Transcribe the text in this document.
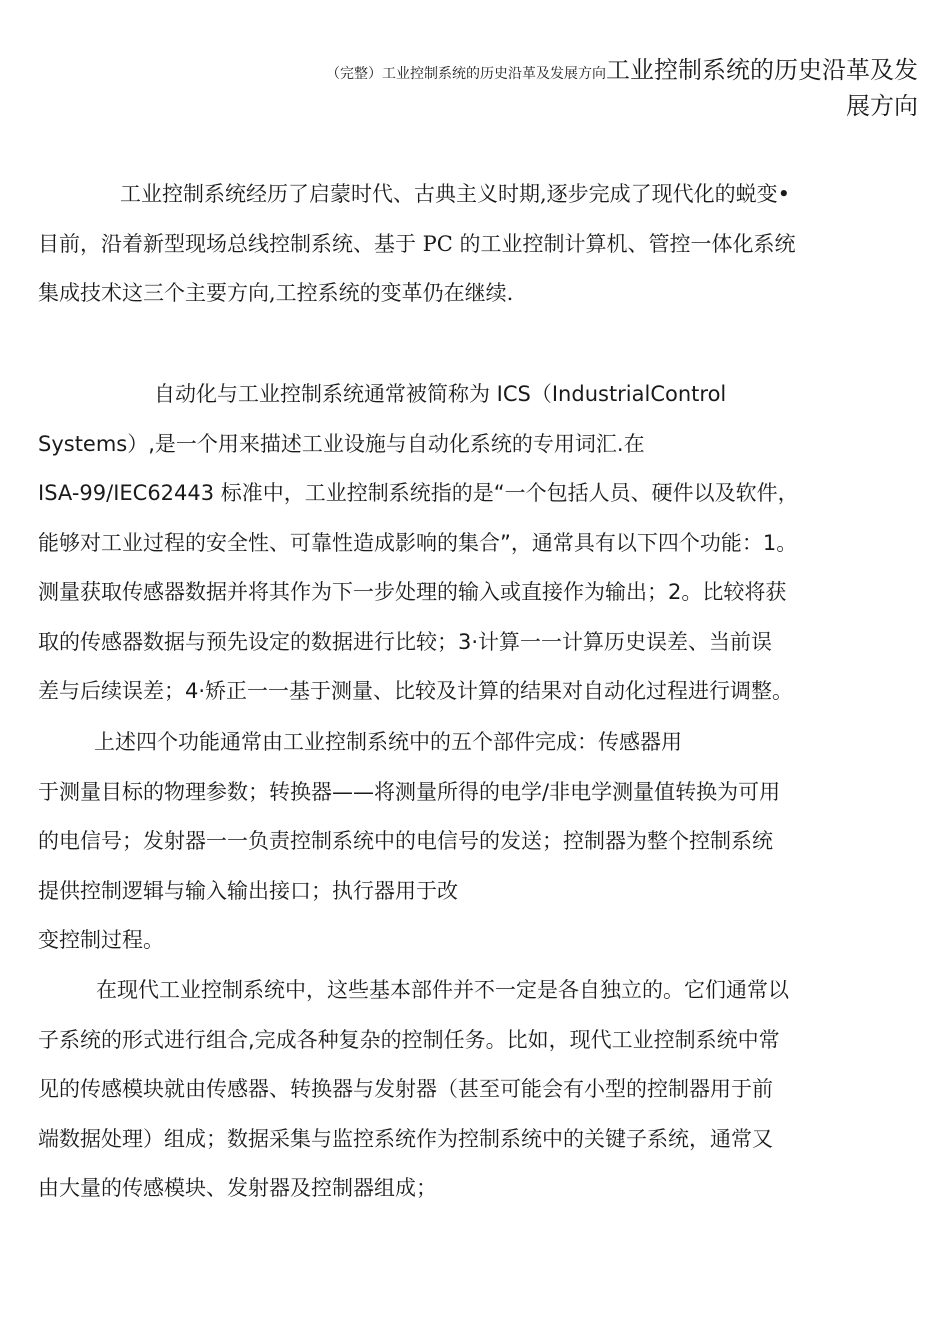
（完整）工业控制系统的历史沿革及发展方向工业控制系统的历史沿革及发
展方向
工业控制系统经历了启蒙时代、古典主义时期,逐步完成了现代化的蜕变•
目前，沿着新型现场总线控制系统、基于 PC 的工业控制计算机、管控一体化系统
集成技术这三个主要方向,工控系统的变革仍在继续.
自动化与工业控制系统通常被简称为 ICS（IndustrialControl
Systems）,是一个用来描述工业设施与自动化系统的专用词汇.在
ISA-99/IEC62443 标准中，工业控制系统指的是“一个包括人员、硬件以及软件，
能够对工业过程的安全性、可靠性造成影响的集合”，通常具有以下四个功能：1。
测量获取传感器数据并将其作为下一步处理的输入或直接作为输出；2。比较将获
取的传感器数据与预先设定的数据进行比较；3·计算一一计算历史误差、当前误
差与后续误差；4·矫正一一基于测量、比较及计算的结果对自动化过程进行调整。
上述四个功能通常由工业控制系统中的五个部件完成：传感器用
于测量目标的物理参数；转换器——将测量所得的电学/非电学测量值转换为可用
的电信号；发射器一一负责控制系统中的电信号的发送；控制器为整个控制系统
提供控制逻辑与输入输出接口；执行器用于改
变控制过程。
在现代工业控制系统中，这些基本部件并不一定是各自独立的。它们通常以
子系统的形式进行组合,完成各种复杂的控制任务。比如，现代工业控制系统中常
见的传感模块就由传感器、转换器与发射器（甚至可能会有小型的控制器用于前
端数据处理）组成；数据采集与监控系统作为控制系统中的关键子系统，通常又
由大量的传感模块、发射器及控制器组成；
